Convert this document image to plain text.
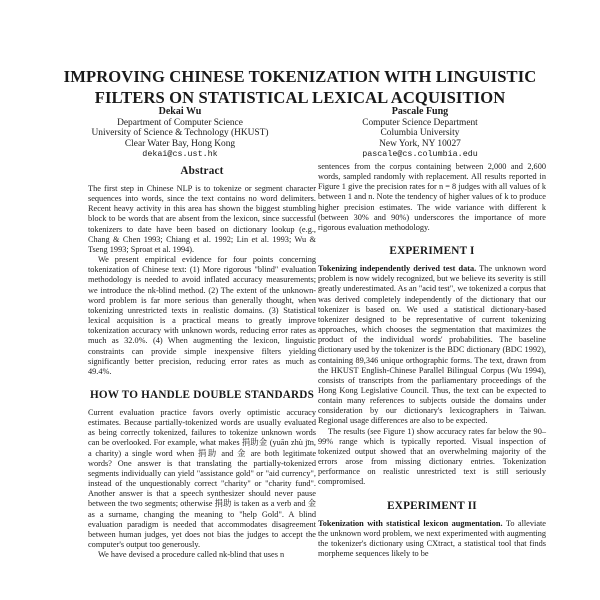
IMPROVING CHINESE TOKENIZATION WITH LINGUISTIC
FILTERS ON STATISTICAL LEXICAL ACQUISITION
Dekai Wu
Department of Computer Science
University of Science & Technology (HKUST)
Clear Water Bay, Hong Kong
dekai@cs.ust.hk
Pascale Fung
Computer Science Department
Columbia University
New York, NY 10027
pascale@cs.columbia.edu
Abstract

The first step in Chinese NLP is to tokenize or segment character sequences into words, since the text contains no word delimiters. Recent heavy activity in this area has shown the biggest stumbling block to be words that are absent from the lexicon, since successful tokenizers to date have been based on dictionary lookup (e.g., Chang & Chen 1993; Chiang et al. 1992; Lin et al. 1993; Wu & Tseng 1993; Sproat et al. 1994).

We present empirical evidence for four points concerning tokenization of Chinese text: (1) More rigorous "blind" evaluation methodology is needed to avoid inflated accuracy measurements; we introduce the nk-blind method. (2) The extent of the unknown-word problem is far more serious than generally thought, when tokenizing unrestricted texts in realistic domains. (3) Statistical lexical acquisition is a practical means to greatly improve tokenization accuracy with unknown words, reducing error rates as much as 32.0%. (4) When augmenting the lexicon, linguistic constraints can provide simple inexpensive filters yielding significantly better precision, reducing error rates as much as 49.4%.

HOW TO HANDLE DOUBLE STANDARDS

Current evaluation practice favors overly optimistic accuracy estimates. Because partially-tokenized words are usually evaluated as being correctly tokenized, failures to tokenize unknown words can be overlooked. For example, what makes 捐助金 (yuān zhù jīn, a charity) a single word when 捐助 and 金 are both legitimate words? One answer is that translating the partially-tokenized segments individually can yield "assistance gold" or "aid currency", instead of the unquestionably correct "charity" or "charity fund". Another answer is that a speech synthesizer should never pause between the two segments; otherwise 捐助 is taken as a verb and 金 as a surname, changing the meaning to "help Gold". A blind evaluation paradigm is needed that accommodates disagreement between human judges, yet does not bias the judges to accept the computer's output too generously.

We have devised a procedure called nk-blind that uses n

sentences from the corpus containing between 2,000 and 2,600 words, sampled randomly with replacement. All results reported in Figure 1 give the precision rates for n = 8 judges with all values of k between 1 and n. Note the tendency of higher values of k to produce higher precision estimates. The wide variance with different k (between 30% and 90%) underscores the importance of more rigorous evaluation methodology.

EXPERIMENT I

Tokenizing independently derived test data. The unknown word problem is now widely recognized, but we believe its severity is still greatly underestimated. As an "acid test", we tokenized a corpus that was derived completely independently of the dictionary that our tokenizer is based on. We used a statistical dictionary-based tokenizer designed to be representative of current tokenizing approaches, which chooses the segmentation that maximizes the product of the individual words' probabilities. The baseline dictionary used by the tokenizer is the BDC dictionary (BDC 1992), containing 89,346 unique orthographic forms. The text, drawn from the HKUST English-Chinese Parallel Bilingual Corpus (Wu 1994), consists of transcripts from the parliamentary proceedings of the Hong Kong Legislative Council. Thus, the text can be expected to contain many references to subjects outside the domains under consideration by our dictionary's lexicographers in Taiwan. Regional usage differences are also to be expected.

The results (see Figure 1) show accuracy rates far below the 90–99% range which is typically reported. Visual inspection of tokenized output showed that an overwhelming majority of the errors arose from missing dictionary entries. Tokenization performance on realistic unrestricted text is still seriously compromised.

EXPERIMENT II

Tokenization with statistical lexicon augmentation. To alleviate the unknown word problem, we next experimented with augmenting the tokenizer's dictionary using CXtract, a statistical tool that finds morpheme sequences likely to be
